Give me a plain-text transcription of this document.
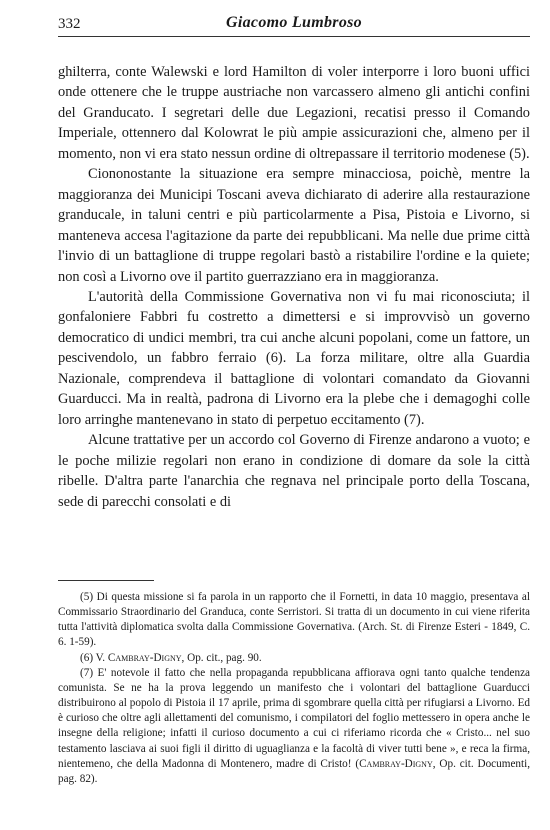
332	Giacomo Lumbroso

ghilterra, conte Walewski e lord Hamilton di voler interporre i loro buoni uffici onde ottenere che le truppe austriache non varcassero almeno gli antichi confini del Granducato. I segretari delle due Legazioni, recatisi presso il Comando Imperiale, ottennero dal Kolowrat le più ampie assicurazioni che, almeno per il momento, non vi era stato nessun ordine di oltrepassare il territorio modenese (5).

Ciononostante la situazione era sempre minacciosa, poichè, mentre la maggioranza dei Municipi Toscani aveva dichiarato di aderire alla restaurazione granducale, in taluni centri e più particolarmente a Pisa, Pistoia e Livorno, si manteneva accesa l'agitazione da parte dei repubblicani. Ma nelle due prime città l'invio di un battaglione di truppe regolari bastò a ristabilire l'ordine e la quiete; non così a Livorno ove il partito guerrazziano era in maggioranza.

L'autorità della Commissione Governativa non vi fu mai riconosciuta; il gonfaloniere Fabbri fu costretto a dimettersi e si improvvisò un governo democratico di undici membri, tra cui anche alcuni popolani, come un fattore, un pescivendolo, un fabbro ferraio (6). La forza militare, oltre alla Guardia Nazionale, comprendeva il battaglione di volontari comandato da Giovanni Guarducci. Ma in realtà, padrona di Livorno era la plebe che i demagoghi colle loro arringhe mantenevano in stato di perpetuo eccitamento (7).

Alcune trattative per un accordo col Governo di Firenze andarono a vuoto; e le poche milizie regolari non erano in condizione di domare da sole la città ribelle. D'altra parte l'anarchia che regnava nel principale porto della Toscana, sede di parecchi consolati e di

(5) Di questa missione si fa parola in un rapporto che il Fornetti, in data 10 maggio, presentava al Commissario Straordinario del Granduca, conte Serristori. Si tratta di un documento in cui viene riferita tutta l'attività diplomatica svolta dalla Commissione Governativa. (Arch. St. di Firenze Esteri - 1849, C. 6. 1-59).

(6) V. Cambray-Digny, Op. cit., pag. 90.

(7) E' notevole il fatto che nella propaganda repubblicana affiorava ogni tanto qualche tendenza comunista. Se ne ha la prova leggendo un manifesto che i volontari del battaglione Guarducci distribuirono al popolo di Pistoia il 17 aprile, prima di sgombrare quella città per rifugiarsi a Livorno. Ed è curioso che oltre agli allettamenti del comunismo, i compilatori del foglio mettessero in opera anche le insegne della religione; infatti il curioso documento a cui ci riferiamo ricorda che « Cristo... nel suo testamento lasciava ai suoi figli il diritto di uguaglianza e la facoltà di viver tutti bene », e reca la firma, nientemeno, che della Madonna di Montenero, madre di Cristo! (Cambray-Digny, Op. cit. Documenti, pag. 82).
